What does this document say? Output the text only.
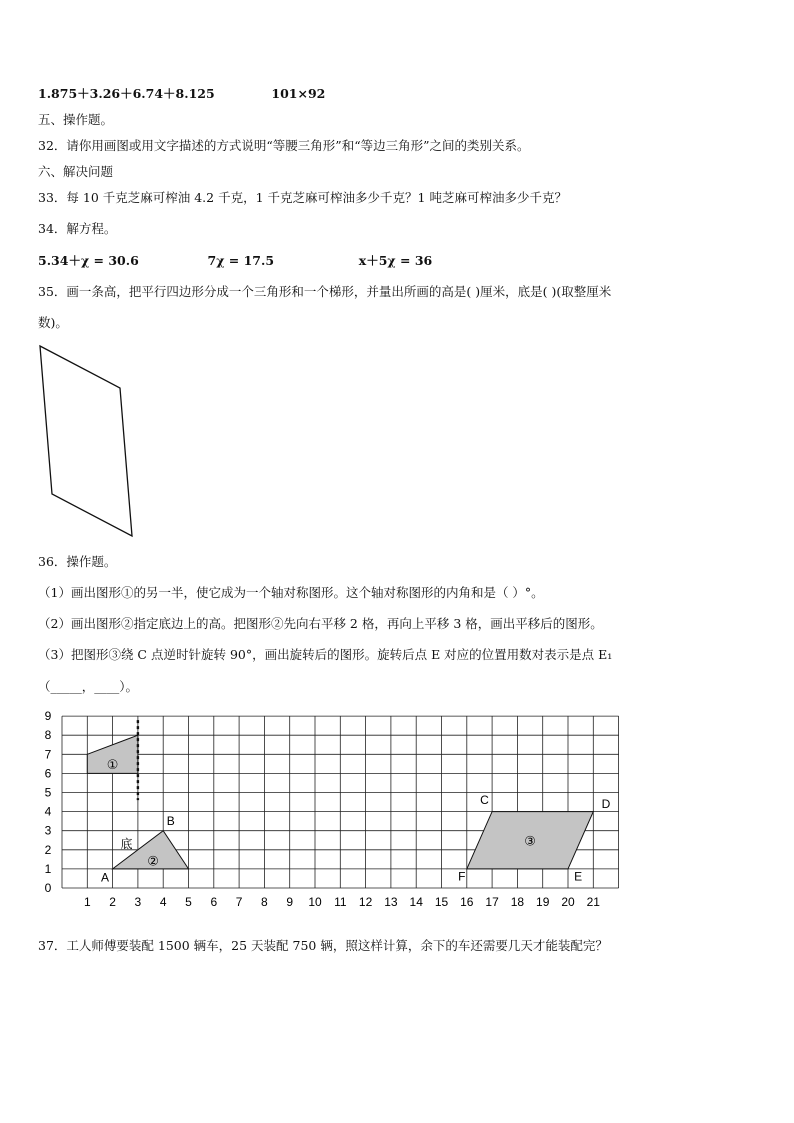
1.875＋3.26＋6.74＋8.125	101×92
五、操作题。
32．请你用画图或用文字描述的方式说明“等腰三角形”和“等边三角形”之间的类别关系。
六、解决问题
33．每 10 千克芝麻可榨油 4.2 千克，1 千克芝麻可榨油多少千克？1 吨芝麻可榨油多少千克？
34．解方程。
5.34＋χ = 30.6	7χ = 17.5	x＋5χ = 36
35．画一条高，把平行四边形分成一个三角形和一个梯形，并量出所画的高是( )厘米，底是( )(取整厘米
数)。
36．操作题。
（1）画出图形①的另一半，使它成为一个轴对称图形。这个轴对称图形的内角和是（ ）°。
（2）画出图形②指定底边上的高。把图形②先向右平移 2 格，再向上平移 3 格，画出平移后的图形。
（3）把图形③绕 C 点逆时针旋转 90°，画出旋转后的图形。旋转后点 E 对应的位置用数对表示是点 E₁
（_____，____）。
1 2 3 4 5 6 7 8 9 10 11 12 13 14 15 16 17 18 19 20 21
0
1
2
3
4
5
6
7
8
9
①
②
③
底
A
B
C	D
E
F
37．工人师傅要装配 1500 辆车，25 天装配 750 辆，照这样计算，余下的车还需要几天才能装配完？
